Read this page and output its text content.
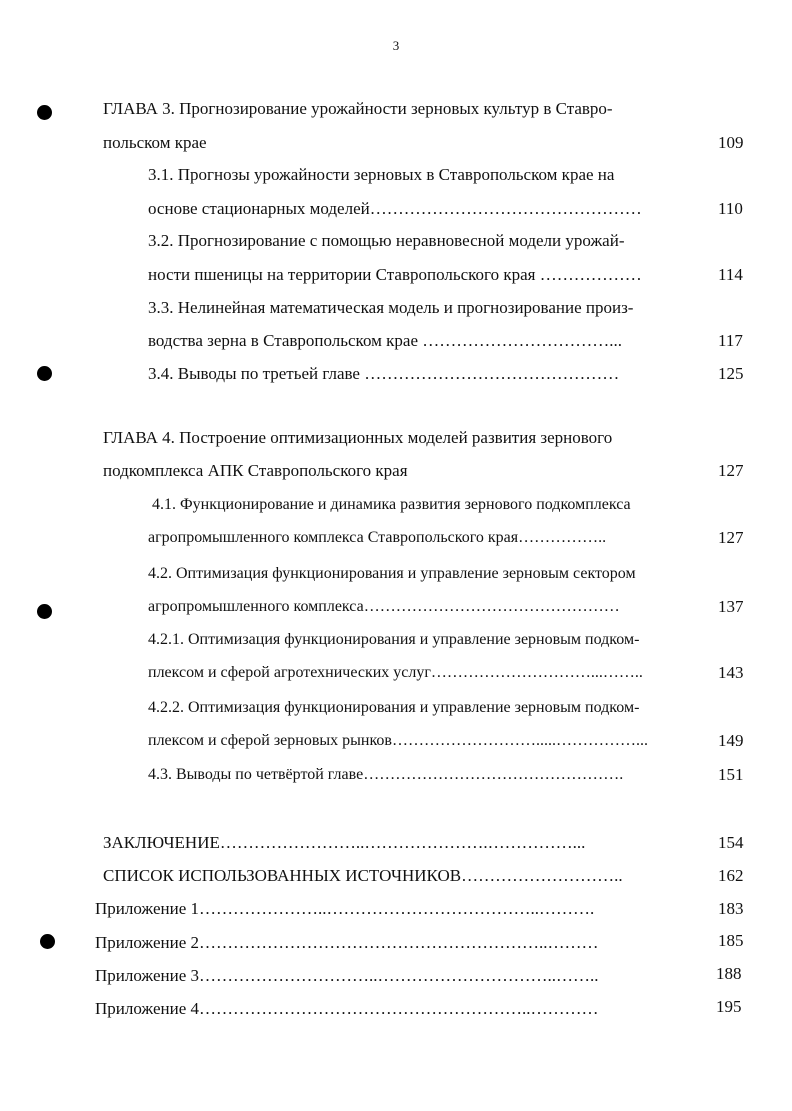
3
ГЛАВА 3. Прогнозирование урожайности зерновых культур в Ставро-
польском крае	109
3.1. Прогнозы урожайности зерновых в Ставропольском крае на
основе стационарных моделей…………………………………………	110
3.2. Прогнозирование с помощью неравновесной модели урожай-
ности пшеницы на территории Ставропольского края ………………	114
3.3. Нелинейная математическая модель и прогнозирование произ-
водства зерна в Ставропольском крае ……………………………...	117
3.4. Выводы по третьей главе ………………………………………	125
ГЛАВА 4. Построение оптимизационных моделей развития зернового
подкомплекса АПК Ставропольского края	127
4.1. Функционирование и динамика развития зернового подкомплекса
агропромышленного комплекса Ставропольского края……………..	127
4.2. Оптимизация функционирования и управление зерновым сектором
агропромышленного комплекса…………………………………………	137
4.2.1. Оптимизация функционирования и управление зерновым подком-
плексом и сферой агротехнических услуг…………………………...……..	143
4.2.2. Оптимизация функционирования и управление зерновым подком-
плексом и сферой зерновых рынков……………………….....……………...	149
4.3. Выводы по четвёртой главе………………………………………….	151
ЗАКЛЮЧЕНИЕ……………………..………………….……………...	154
СПИСОК ИСПОЛЬЗОВАННЫХ ИСТОЧНИКОВ………………………..	162
Приложение 1…………………..………………………………..……….	183
Приложение 2……………………………………………………..………	185
Приложение 3…………………………..…………………………..……..	188
Приложение 4…………………………………………………..…………	195
